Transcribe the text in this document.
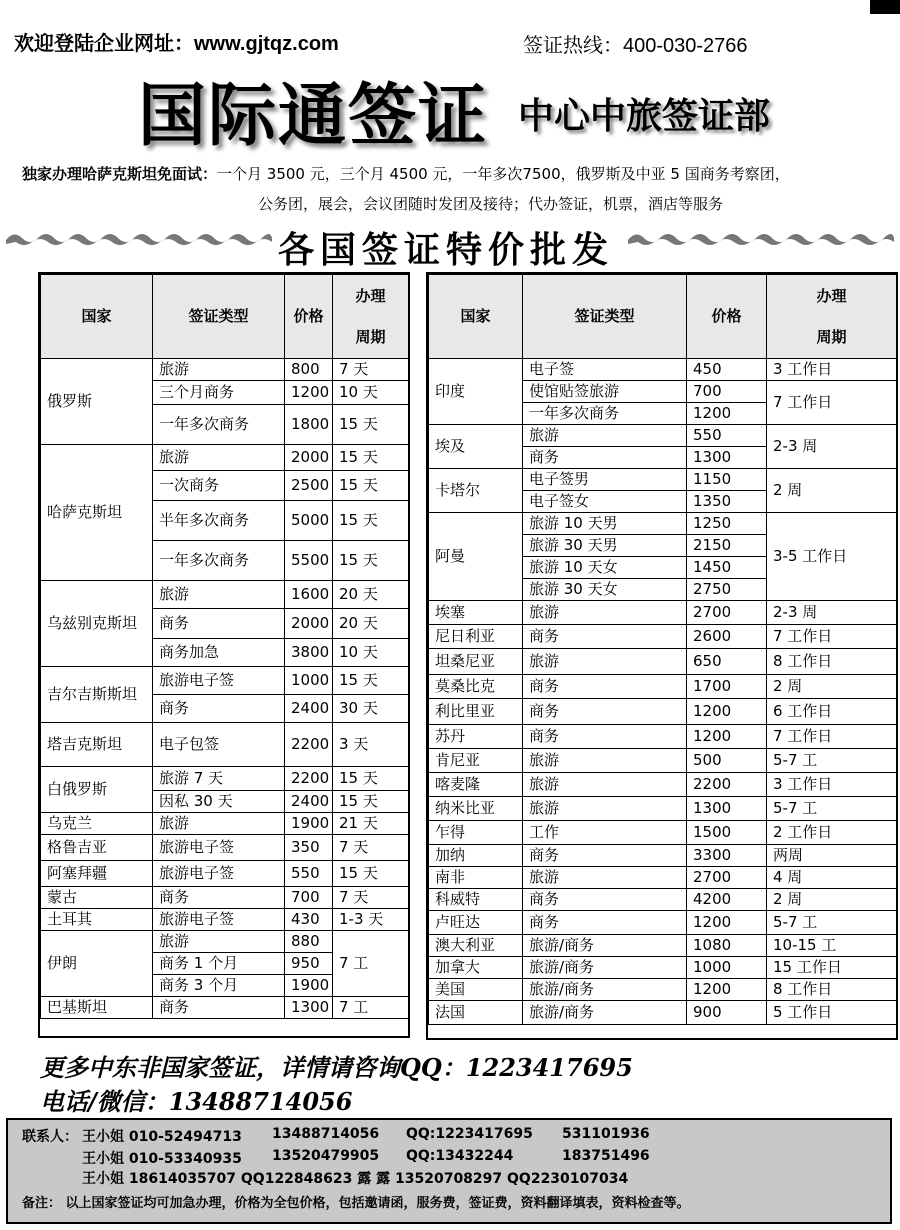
欢迎登陆企业网址：www.gjtqz.com	签证热线：400-030-2766
国际通签证 中心中旅签证部
独家办理哈萨克斯坦免面试：一个月 3500 元，三个月 4500 元，一年多次7500，俄罗斯及中亚 5 国商务考察团，
公务团，展会，会议团随时发团及接待；代办签证，机票，酒店等服务
各国签证特价批发
国家	签证类型	价格	办理
周期

俄罗斯	旅游	800	7 天
	三个月商务	1200	10 天
	一年多次商务	1800	15 天
哈萨克斯坦	旅游	2000	15 天
	一次商务	2500	15 天
	半年多次商务	5000	15 天
	一年多次商务	5500	15 天
乌兹别克斯坦	旅游	1600	20 天
	商务	2000	20 天
	商务加急	3800	10 天
吉尔吉斯斯坦	旅游电子签	1000	15 天
	商务	2400	30 天
塔吉克斯坦	电子包签	2200	3 天
白俄罗斯	旅游 7 天	2200	15 天
	因私 30 天	2400	15 天
乌克兰	旅游	1900	21 天
格鲁吉亚	旅游电子签	350	7 天
阿塞拜疆	旅游电子签	550	15 天
蒙古	商务	700	7 天
土耳其	旅游电子签	430	1-3 天
伊朗	旅游	880	7 工
	商务 1 个月	950	
	商务 3 个月	1900	
巴基斯坦	商务	1300	7 工
国家	签证类型	价格	办理
周期

印度	电子签	450	3 工作日
	使馆贴签旅游	700	7 工作日
	一年多次商务	1200	
埃及	旅游	550	2-3 周
	商务	1300	
卡塔尔	电子签男	1150	2 周
	电子签女	1350	
阿曼	旅游 10 天男	1250	3-5 工作日
	旅游 30 天男	2150	
	旅游 10 天女	1450	
	旅游 30 天女	2750	
埃塞	旅游	2700	2-3 周
尼日利亚	商务	2600	7 工作日
坦桑尼亚	旅游	650	8 工作日
莫桑比克	商务	1700	2 周
利比里亚	商务	1200	6 工作日
苏丹	商务	1200	7 工作日
肯尼亚	旅游	500	5-7 工
喀麦隆	旅游	2200	3 工作日
纳米比亚	旅游	1300	5-7 工
乍得	工作	1500	2 工作日
加纳	商务	3300	两周
南非	旅游	2700	4 周
科威特	商务	4200	2 周
卢旺达	商务	1200	5-7 工
澳大利亚	旅游/商务	1080	10-15 工
加拿大	旅游/商务	1000	15 工作日
美国	旅游/商务	1200	8 工作日
法国	旅游/商务	900	5 工作日
更多中东非国家签证，详情请咨询QQ：1223417695
电话/微信：13488714056
联系人： 王小姐 010-52494713 13488714056 QQ:1223417695 531101936
王小姐 010-53340935 13520479905 QQ:13432244	183751496
王小姐 18614035707 QQ122848623 露 露 13520708297 QQ2230107034
备注： 以上国家签证均可加急办理，价格为全包价格，包括邀请函，服务费，签证费，资料翻译填表，资料检查等。
